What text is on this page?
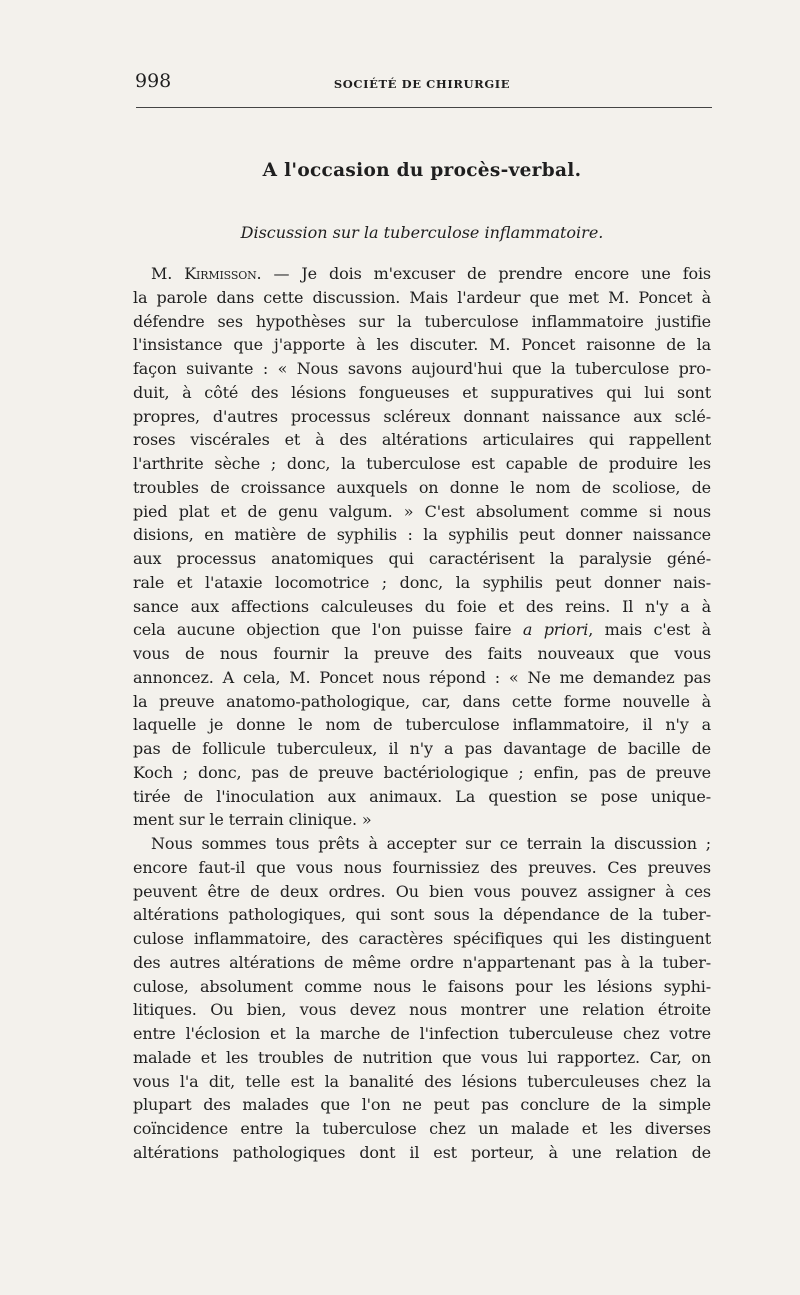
998	SOCIÉTÉ DE CHIRURGIE
A l'occasion du procès-verbal.
Discussion sur la tuberculose inflammatoire.
M. Kirmisson. — Je dois m'excuser de prendre encore une fois
la parole dans cette discussion. Mais l'ardeur que met M. Poncet à
défendre ses hypothèses sur la tuberculose inflammatoire justifie
l'insistance que j'apporte à les discuter. M. Poncet raisonne de la
façon suivante : « Nous savons aujourd'hui que la tuberculose pro-
duit, à côté des lésions fongueuses et suppuratives qui lui sont
propres, d'autres processus scléreux donnant naissance aux sclé-
roses viscérales et à des altérations articulaires qui rappellent
l'arthrite sèche ; donc, la tuberculose est capable de produire les
troubles de croissance auxquels on donne le nom de scoliose, de
pied plat et de genu valgum. » C'est absolument comme si nous
disions, en matière de syphilis : la syphilis peut donner naissance
aux processus anatomiques qui caractérisent la paralysie géné-
rale et l'ataxie locomotrice ; donc, la syphilis peut donner nais-
sance aux affections calculeuses du foie et des reins. Il n'y a à
cela aucune objection que l'on puisse faire a priori, mais c'est à
vous de nous fournir la preuve des faits nouveaux que vous
annoncez. A cela, M. Poncet nous répond : « Ne me demandez pas
la preuve anatomo-pathologique, car, dans cette forme nouvelle à
laquelle je donne le nom de tuberculose inflammatoire, il n'y a
pas de follicule tuberculeux, il n'y a pas davantage de bacille de
Koch ; donc, pas de preuve bactériologique ; enfin, pas de preuve
tirée de l'inoculation aux animaux. La question se pose unique-
ment sur le terrain clinique. »
Nous sommes tous prêts à accepter sur ce terrain la discussion ;
encore faut-il que vous nous fournissiez des preuves. Ces preuves
peuvent être de deux ordres. Ou bien vous pouvez assigner à ces
altérations pathologiques, qui sont sous la dépendance de la tuber-
culose inflammatoire, des caractères spécifiques qui les distinguent
des autres altérations de même ordre n'appartenant pas à la tuber-
culose, absolument comme nous le faisons pour les lésions syphi-
litiques. Ou bien, vous devez nous montrer une relation étroite
entre l'éclosion et la marche de l'infection tuberculeuse chez votre
malade et les troubles de nutrition que vous lui rapportez. Car, on
vous l'a dit, telle est la banalité des lésions tuberculeuses chez la
plupart des malades que l'on ne peut pas conclure de la simple
coïncidence entre la tuberculose chez un malade et les diverses
altérations pathologiques dont il est porteur, à une relation de
